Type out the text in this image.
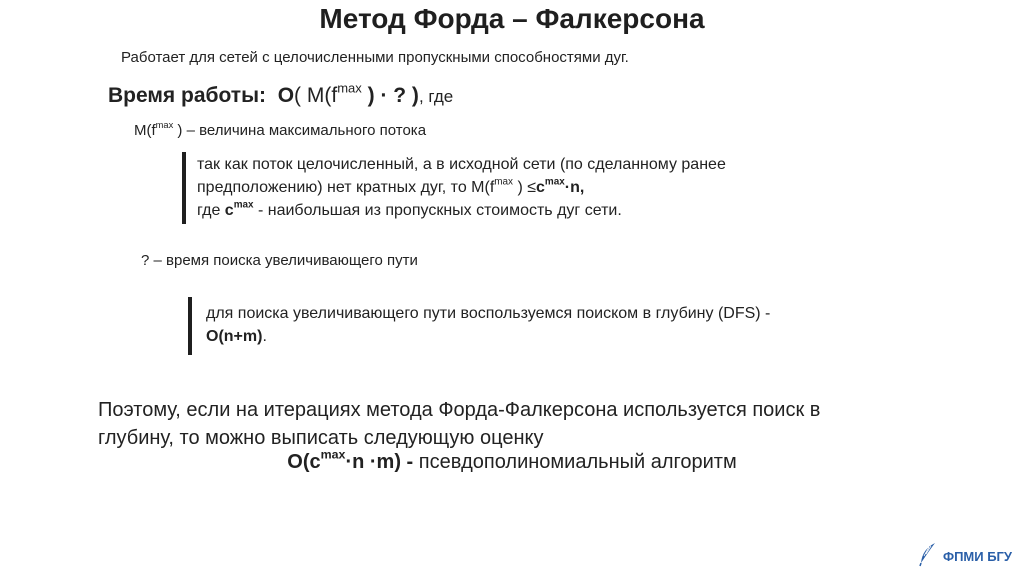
Метод Форда – Фалкерсона
Работает для сетей с целочисленными пропускными способностями дуг.
Время работы: O( $M(f^{max}$ ) · ? ), где
$M(f^{max}$ ) – величина максимального потока
так как поток целочисленный, а в исходной сети (по сделанному ранее
предположению) нет кратных дуг, то $M(f^{max}$ ) $\le c^{max}\cdot n$,
где $c^{max}$ - наибольшая из пропускных стоимость дуг сети.
? – время поиска увеличивающего пути
для поиска увеличивающего пути воспользуемся поиском в глубину (DFS) -
O(n+m).
Поэтому, если на итерациях метода Форда-Фалкерсона используется поиск в
глубину, то можно выписать следующую оценку
$O(c^{max}\cdot n \cdot m)$ - псевдополиномиальный алгоритм
ФПМИ БГУ
